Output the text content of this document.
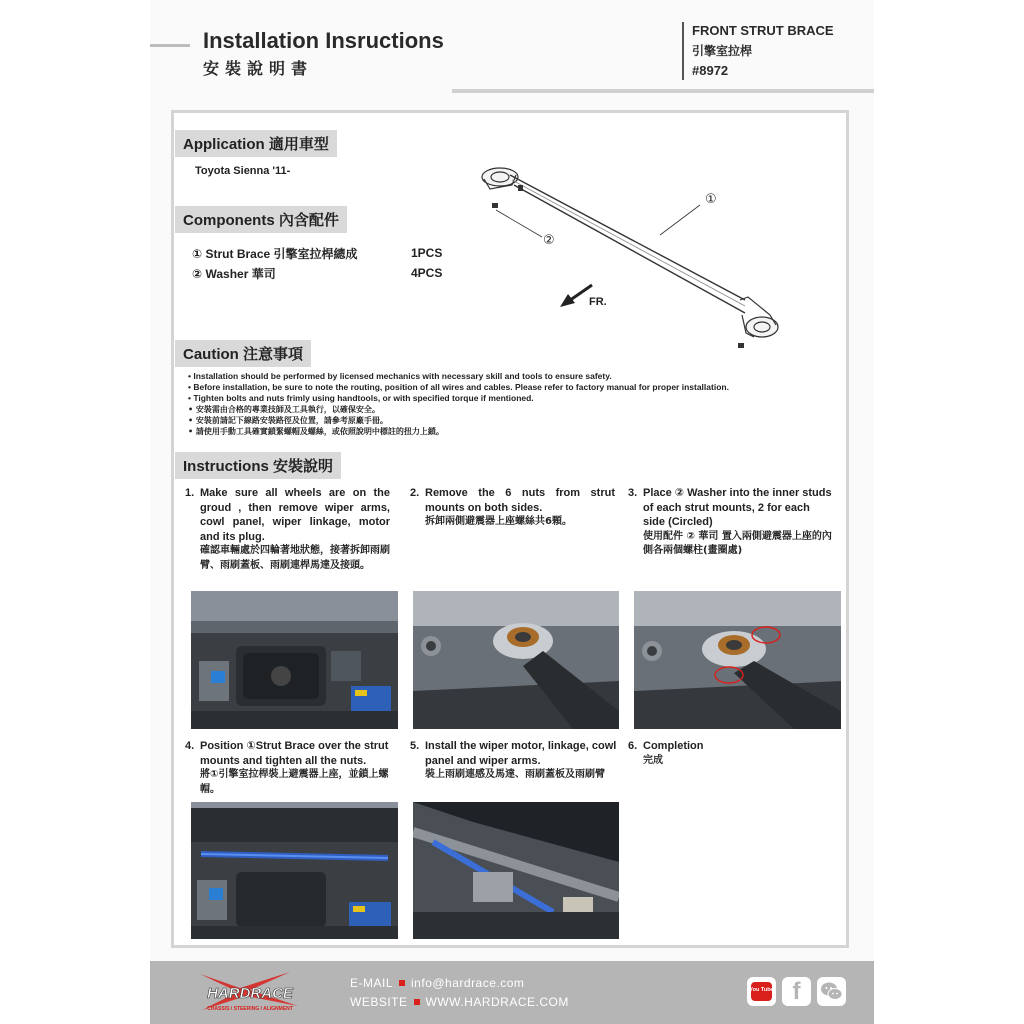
Installation Insructions
安裝說明書
FRONT STRUT BRACE
引擎室拉桿
#8972
Application 適用車型
Toyota Sienna '11-
Components 內含配件
① Strut Brace 引擎室拉桿總成	1PCS
② Washer 華司	4PCS
②
①
FR.
Caution 注意事項
• Installation should be performed by licensed mechanics with necessary skill and tools to ensure safety.
• Before installation, be sure to note the routing, position of all wires and cables. Please refer to factory manual for proper installation.
• Tighten bolts and nuts frimly using handtools, or with specified torque if mentioned.
• 安裝需由合格的專業技師及工具執行，以確保安全。
• 安裝前請記下線路安裝路徑及位置，請參考原廠手冊。
• 請使用手動工具確實鎖緊螺帽及螺絲，或依照說明中標註的扭力上鎖。
Instructions 安裝說明
1. Make sure all wheels are on the groud , then remove wiper arms, cowl panel, wiper linkage, motor and its plug.
確認車輛處於四輪著地狀態，接著拆卸雨刷臂、雨刷蓋板、雨刷連桿馬達及接頭。
2. Remove the 6 nuts from strut mounts on both sides.
拆卸兩側避震器上座螺絲共6顆。
3. Place ② Washer into the inner studs of each strut mounts, 2 for each side (Circled)
使用配件 ② 華司 置入兩側避震器上座的內側各兩個螺柱(畫圈處)
4. Position ①Strut Brace over the strut mounts and tighten all the nuts.
將①引擎室拉桿裝上避震器上座，並鎖上螺帽。
5. Install the wiper motor, linkage, cowl panel and wiper arms.
裝上雨刷連感及馬達、雨刷蓋板及雨刷臂
6. Completion
完成
HARDRACE
CHASSIS / STEERING / ALIGNMENT
E-MAIL info@hardrace.com
WEBSITE WWW.HARDRACE.COM
You Tube f
